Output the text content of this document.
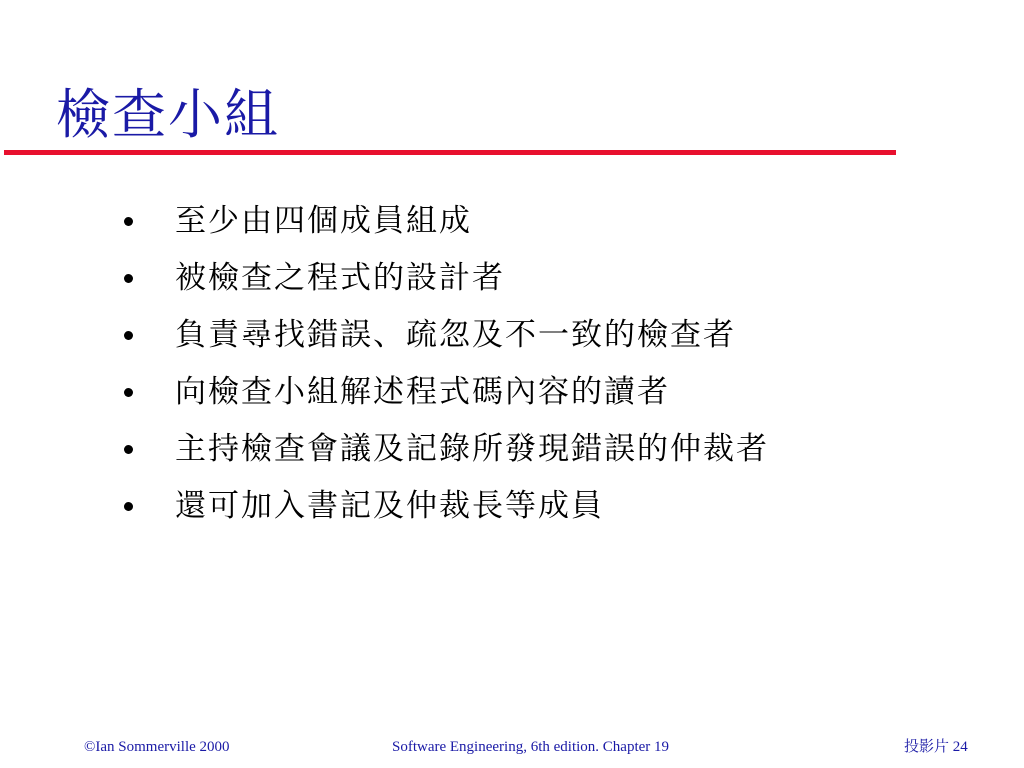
檢查小組
至少由四個成員組成
被檢查之程式的設計者
負責尋找錯誤、疏忽及不一致的檢查者
向檢查小組解述程式碼內容的讀者
主持檢查會議及記錄所發現錯誤的仲裁者
還可加入書記及仲裁長等成員
©Ian Sommerville 2000	Software Engineering, 6th edition. Chapter 19	投影片 24
